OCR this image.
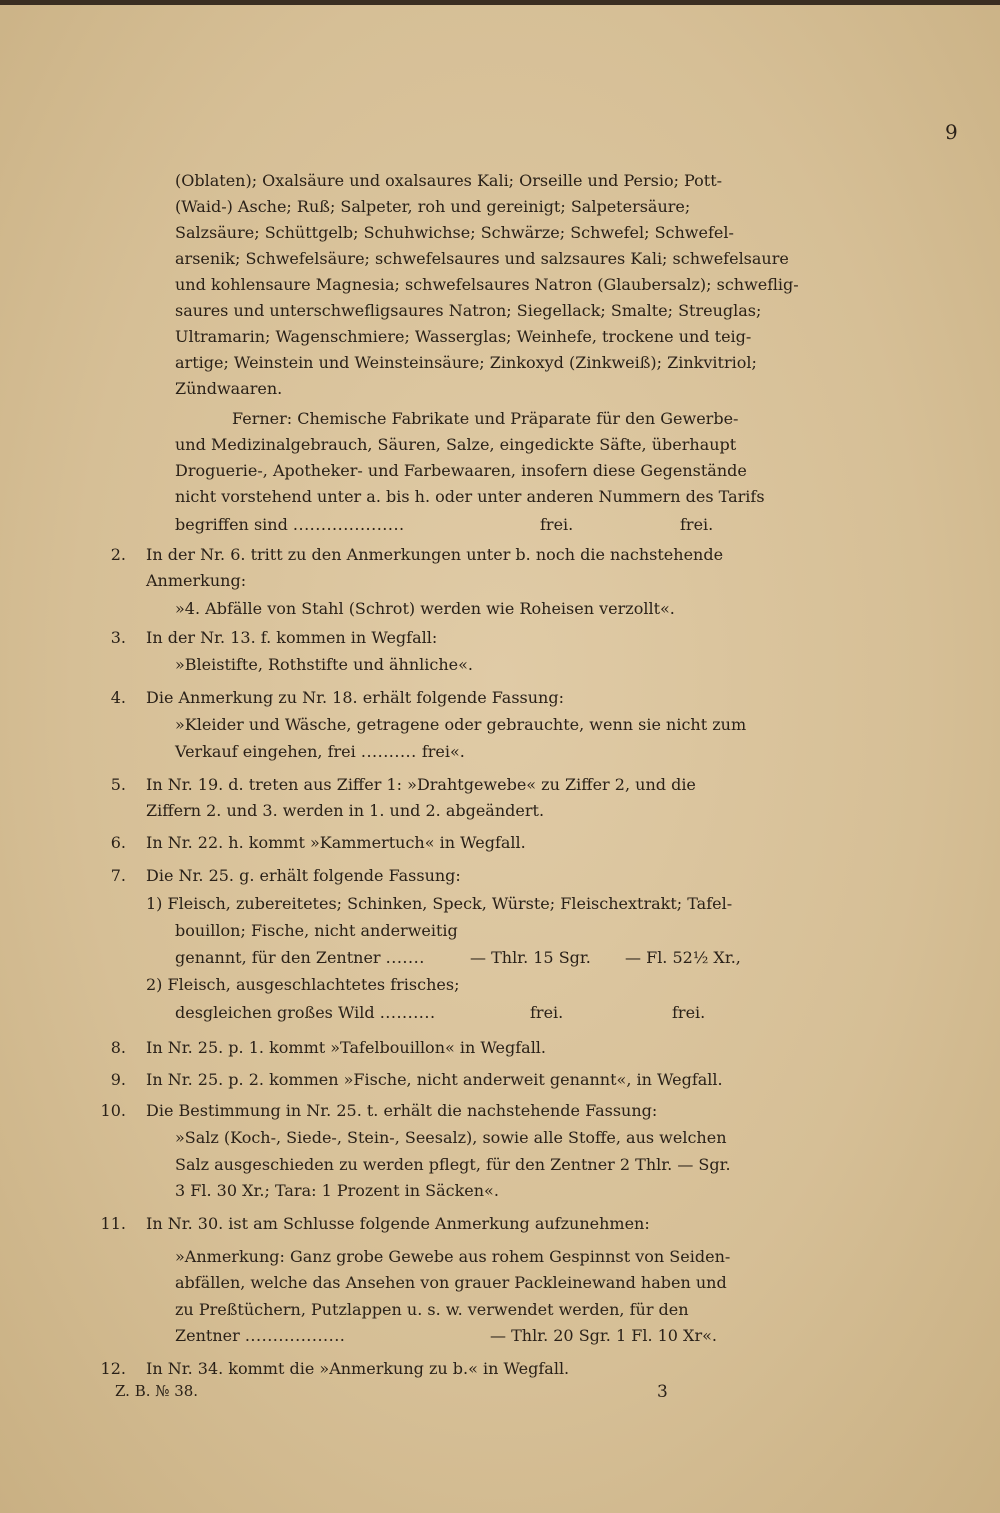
9
(Oblaten); Oxalsäure und oxalsaures Kali; Orseille und Persio; Pott-
(Waid-) Asche; Ruß; Salpeter, roh und gereinigt; Salpetersäure;
Salzsäure; Schüttgelb; Schuhwichse; Schwärze; Schwefel; Schwefel-
arsenik; Schwefelsäure; schwefelsaures und salzsaures Kali; schwefelsaure
und kohlensaure Magnesia; schwefelsaures Natron (Glaubersalz); schweflig-
saures und unterschwefligsaures Natron; Siegellack; Smalte; Streuglas;
Ultramarin; Wagenschmiere; Wasserglas; Weinhefe, trockene und teig-
artige; Weinstein und Weinsteinsäure; Zinkoxyd (Zinkweiß); Zinkvitriol;
Zündwaaren.
Ferner: Chemische Fabrikate und Präparate für den Gewerbe-
und Medizinalgebrauch, Säuren, Salze, eingedickte Säfte, überhaupt
Droguerie-, Apotheker- und Farbewaaren, insofern diese Gegenstände
nicht vorstehend unter a. bis h. oder unter anderen Nummern des Tarifs
begriffen sind ....................	frei.	frei.
2. In der Nr. 6. tritt zu den Anmerkungen unter b. noch die nachstehende
Anmerkung:
»4. Abfälle von Stahl (Schrot) werden wie Roheisen verzollt«.
3. In der Nr. 13. f. kommen in Wegfall:
»Bleistifte, Rothstifte und ähnliche«.
4. Die Anmerkung zu Nr. 18. erhält folgende Fassung:
»Kleider und Wäsche, getragene oder gebrauchte, wenn sie nicht zum
Verkauf eingehen, frei .......... frei«.
5. In Nr. 19. d. treten aus Ziffer 1: »Drahtgewebe« zu Ziffer 2, und die
Ziffern 2. und 3. werden in 1. und 2. abgeändert.
6. In Nr. 22. h. kommt »Kammertuch« in Wegfall.
7. Die Nr. 25. g. erhält folgende Fassung:
1) Fleisch, zubereitetes; Schinken, Speck, Würste; Fleischextrakt; Tafel-
bouillon; Fische, nicht anderweitig
genannt, für den Zentner .......	— Thlr. 15 Sgr. — Fl. 52½ Xr.,
2) Fleisch, ausgeschlachtetes frisches;
desgleichen großes Wild ..........	frei.	frei.
8. In Nr. 25. p. 1. kommt »Tafelbouillon« in Wegfall.
9. In Nr. 25. p. 2. kommen »Fische, nicht anderweit genannt«, in Wegfall.
10. Die Bestimmung in Nr. 25. t. erhält die nachstehende Fassung:
»Salz (Koch-, Siede-, Stein-, Seesalz), sowie alle Stoffe, aus welchen
Salz ausgeschieden zu werden pflegt, für den Zentner 2 Thlr. — Sgr.
3 Fl. 30 Xr.; Tara: 1 Prozent in Säcken«.
11. In Nr. 30. ist am Schlusse folgende Anmerkung aufzunehmen:
»Anmerkung: Ganz grobe Gewebe aus rohem Gespinnst von Seiden-
abfällen, welche das Ansehen von grauer Packleinewand haben und
zu Preßtüchern, Putzlappen u. s. w. verwendet werden, für den
Zentner ..................	— Thlr. 20 Sgr. 1 Fl. 10 Xr«.
12. In Nr. 34. kommt die »Anmerkung zu b.« in Wegfall.
Z. B. № 38.	3
